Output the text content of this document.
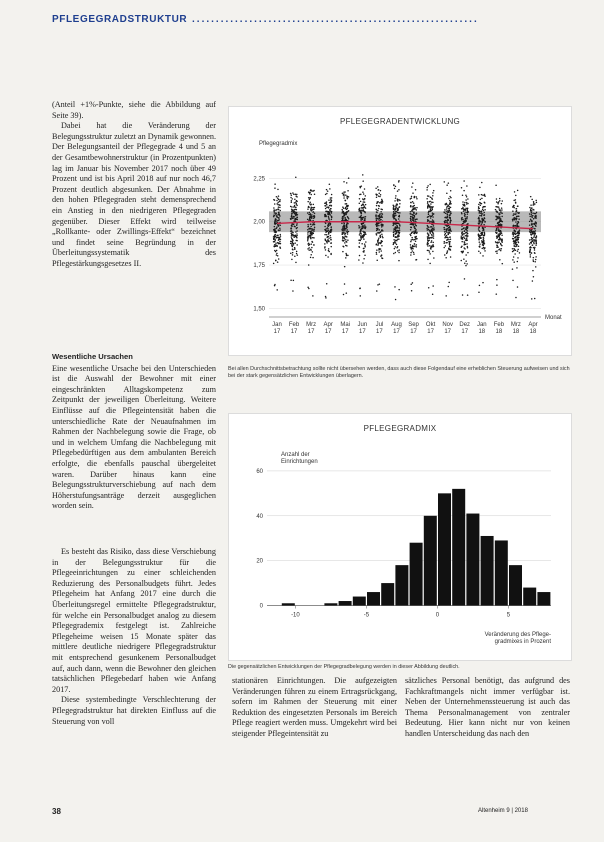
PFLEGEGRADSTRUKTUR ............................................................

(Anteil +1%-Punkte, siehe die Abbildung auf Seite 39).

Dabei hat die Veränderung der Belegungsstruktur zuletzt an Dynamik gewonnen. Der Belegungsanteil der Pflegegrade 4 und 5 an der Gesamtbewohnerstruktur (in Prozentpunkten) lag im Januar bis November 2017 noch über 49 Prozent und ist bis April 2018 auf nur noch 46,7 Prozent deutlich abgesunken. Der Abnahme in den hohen Pflegegraden steht demensprechend ein Anstieg in den niedrigeren Pflegegraden gegenüber. Dieser Effekt wird teilweise „Rollkante- oder Zwillings-Effekt“ bezeichnet und findet seine Begründung in der Überleitungssystematik des Pflegestärkungsgesetzes II.

Wesentliche Ursachen

Eine wesentliche Ursache bei den Unterschieden ist die Auswahl der Bewohner mit einer eingeschränkten Alltagskompetenz zum Zeitpunkt der jeweiligen Überleitung. Weitere Einflüsse auf die Pflegeintensität haben die unterschiedliche Rate der Neuaufnahmen im Rahmen der Nachbelegung sowie die Frage, ob und in welchem Umfang die Nachbelegung mit Pflegebedürftigen aus dem ambulanten Bereich erfolgte, die ebenfalls pauschal übergeleitet waren. Darüber hinaus kann eine Belegungsstrukturverschiebung auf nach dem Höherstufungsanträge derzeit ausgeglichen worden sein.

Es besteht das Risiko, dass diese Verschiebung in der Belegungsstruktur für die Pflegeeinrichtungen zu einer schleichenden Reduzierung des Personalbudgets führt. Jedes Pflegeheim hat Anfang 2017 eine durch die Überleitungsregel ermittelte Pflegegradstruktur, für welche ein Personalbudget analog zu diesem Pflegegrademix festgelegt ist. Zahlreiche Pflegeheime weisen 15 Monate später das mittlere deutliche niedrigere Pflegegradstruktur mit entsprechend gesunkenem Personalbudget auf, auch dann, wenn die Bewohner den gleichen tatsächlichen Pflegebedarf haben wie Anfang 2017.

Diese systembedingte Verschlechterung der Pflegegradstruktur hat direkten Einfluss auf die Steuerung von voll

PFLEGEGRADENTWICKLUNG
Pflegegradmix
1,50
1,75
2,00
2,25
Jan
17
Feb
17
Mrz
17
Apr
17
Mai
17
Jun
17
Jul
17
Aug
17
Sep
17
Okt
17
Nov
17
Dez
17
Jan
18
Feb
18
Mrz
18
Apr
18
Monat
Bei allen Durchschnittsbetrachtung sollte nicht übersehen werden, dass auch diese Folgendauf eine erheblichen Steuerung aufweisen und sich bei der stark gegensätzlichen Entwicklungen überlagern.
PFLEGEGRADMIX
Anzahl der
Einrichtungen
0
20
40
60
-10	-5	0	5
Veränderung des Pflege-
gradmixes in Prozent
Die gegensätzlichen Entwicklungen der Pflegegradbelegung werden in dieser Abbildung deutlich.

stationären Einrichtungen. Die aufgezeigten Veränderungen führen zu einem Ertragsrückgang, sofern im Rahmen der Steuerung mit einer Reduktion des eingesetzten Personals im Bereich Pflege reagiert werden muss. Umgekehrt wird bei steigender Pflegeintensität zu

sätzliches Personal benötigt, das aufgrund des Fachkraftmangels nicht immer verfügbar ist. Neben der Unternehmenssteuerung ist auch das Thema Personalmanagement von zentraler Bedeutung. Hier kann nicht nur von keinen handlen Unterscheidung das nach den

38	Altenheim 9 | 2018
